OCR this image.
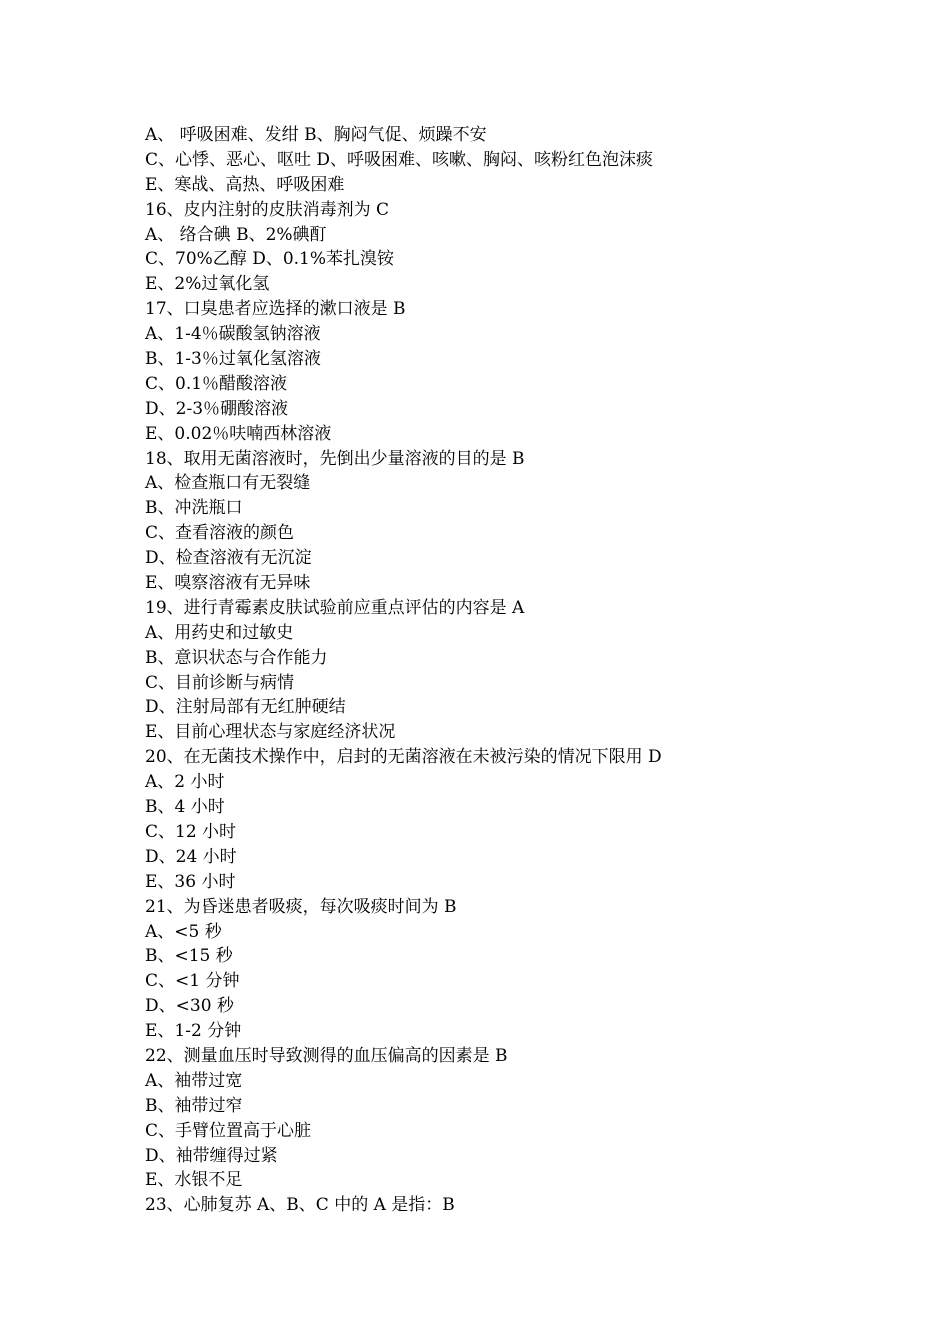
A、 呼吸困难、发绀 B、胸闷气促、烦躁不安
C、心悸、恶心、呕吐 D、呼吸困难、咳嗽、胸闷、咳粉红色泡沫痰
E、寒战、高热、呼吸困难
16、皮内注射的皮肤消毒剂为 C
A、 络合碘 B、2%碘酊
C、70%乙醇 D、0.1%苯扎溴铵
E、2%过氧化氢
17、口臭患者应选择的漱口液是 B
A、1-4％碳酸氢钠溶液
B、1-3％过氧化氢溶液
C、0.1％醋酸溶液
D、2-3％硼酸溶液
E、0.02％呋喃西林溶液
18、取用无菌溶液时，先倒出少量溶液的目的是 B
A、检查瓶口有无裂缝
B、冲洗瓶口
C、查看溶液的颜色
D、检查溶液有无沉淀
E、嗅察溶液有无异味
19、进行青霉素皮肤试验前应重点评估的内容是 A
A、用药史和过敏史
B、意识状态与合作能力
C、目前诊断与病情
D、注射局部有无红肿硬结
E、目前心理状态与家庭经济状况
20、在无菌技术操作中，启封的无菌溶液在未被污染的情况下限用 D
A、2 小时
B、4 小时
C、12 小时
D、24 小时
E、36 小时
21、为昏迷患者吸痰，每次吸痰时间为 B
A、<5 秒
B、<15 秒
C、<1 分钟
D、<30 秒
E、1-2 分钟
22、测量血压时导致测得的血压偏高的因素是 B
A、袖带过宽
B、袖带过窄
C、手臂位置高于心脏
D、袖带缠得过紧
E、水银不足
23、心肺复苏 A、B、C 中的 A 是指：B
